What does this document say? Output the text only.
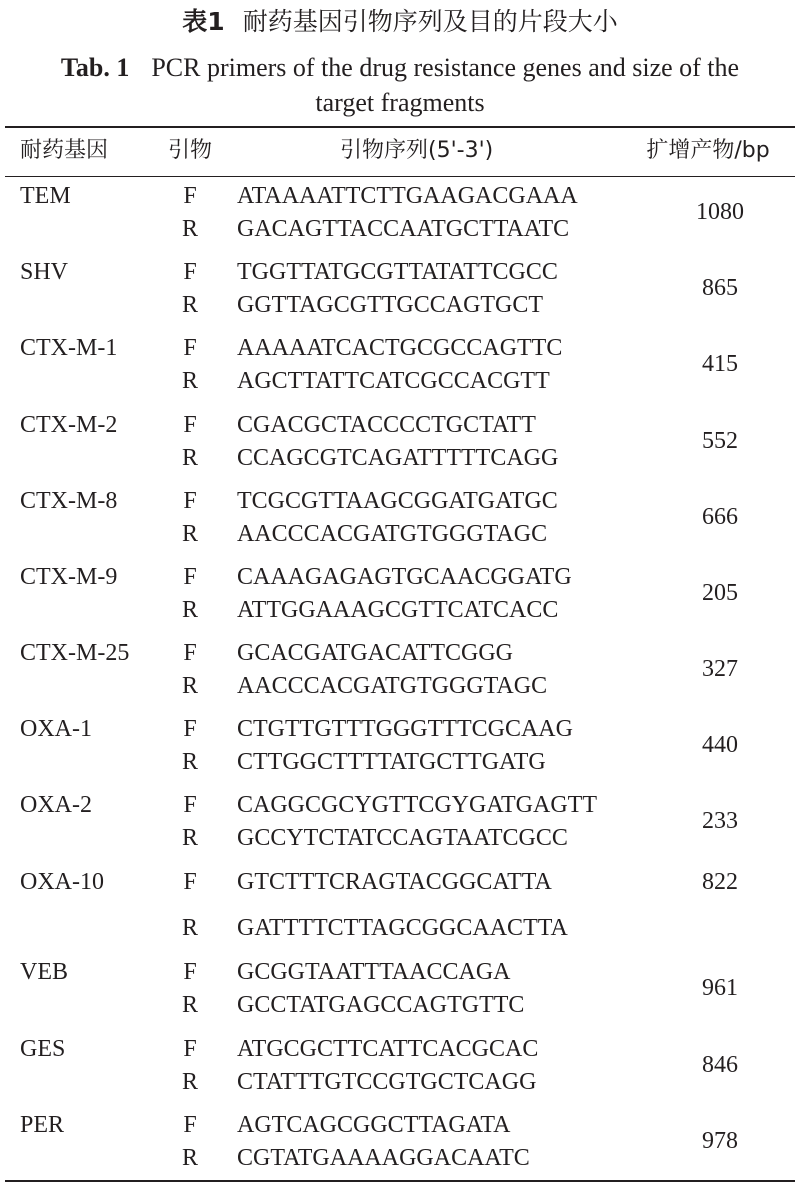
表1 耐药基因引物序列及目的片段大小
Tab. 1 PCR primers of the drug resistance genes and size of the
target fragments
耐药基因	引物	引物序列(5'-3')	扩增产物/bp
TEM	F	ATAAAATTCTTGAAGACGAAA
R	GACAGTTACCAATGCTTAATC
1080
SHV	F	TGGTTATGCGTTATATTCGCC
R	GGTTAGCGTTGCCAGTGCT
865
CTX-M-1	F	AAAAATCACTGCGCCAGTTC
R	AGCTTATTCATCGCCACGTT
415
CTX-M-2	F	CGACGCTACCCCTGCTATT
R	CCAGCGTCAGATTTTTCAGG
552
CTX-M-8	F	TCGCGTTAAGCGGATGATGC
R	AACCCACGATGTGGGTAGC
666
CTX-M-9	F	CAAAGAGAGTGCAACGGATG
R	ATTGGAAAGCGTTCATCACC
205
CTX-M-25	F	GCACGATGACATTCGGG
R	AACCCACGATGTGGGTAGC
327
OXA-1	F	CTGTTGTTTGGGTTTCGCAAG
R	CTTGGCTTTTATGCTTGATG
440
OXA-2	F	CAGGCGCYGTTCGYGATGAGTT
R	GCCYTCTATCCAGTAATCGCC
233
OXA-10	F	GTCTTTCRAGTACGGCATTA
R	GATTTTCTTAGCGGCAACTTA
822
VEB	F	GCGGTAATTTAACCAGA
R	GCCTATGAGCCAGTGTTC
961
GES	F	ATGCGCTTCATTCACGCAC
R	CTATTTGTCCGTGCTCAGG
846
PER	F	AGTCAGCGGCTTAGATA
R	CGTATGAAAAGGACAATC
978
